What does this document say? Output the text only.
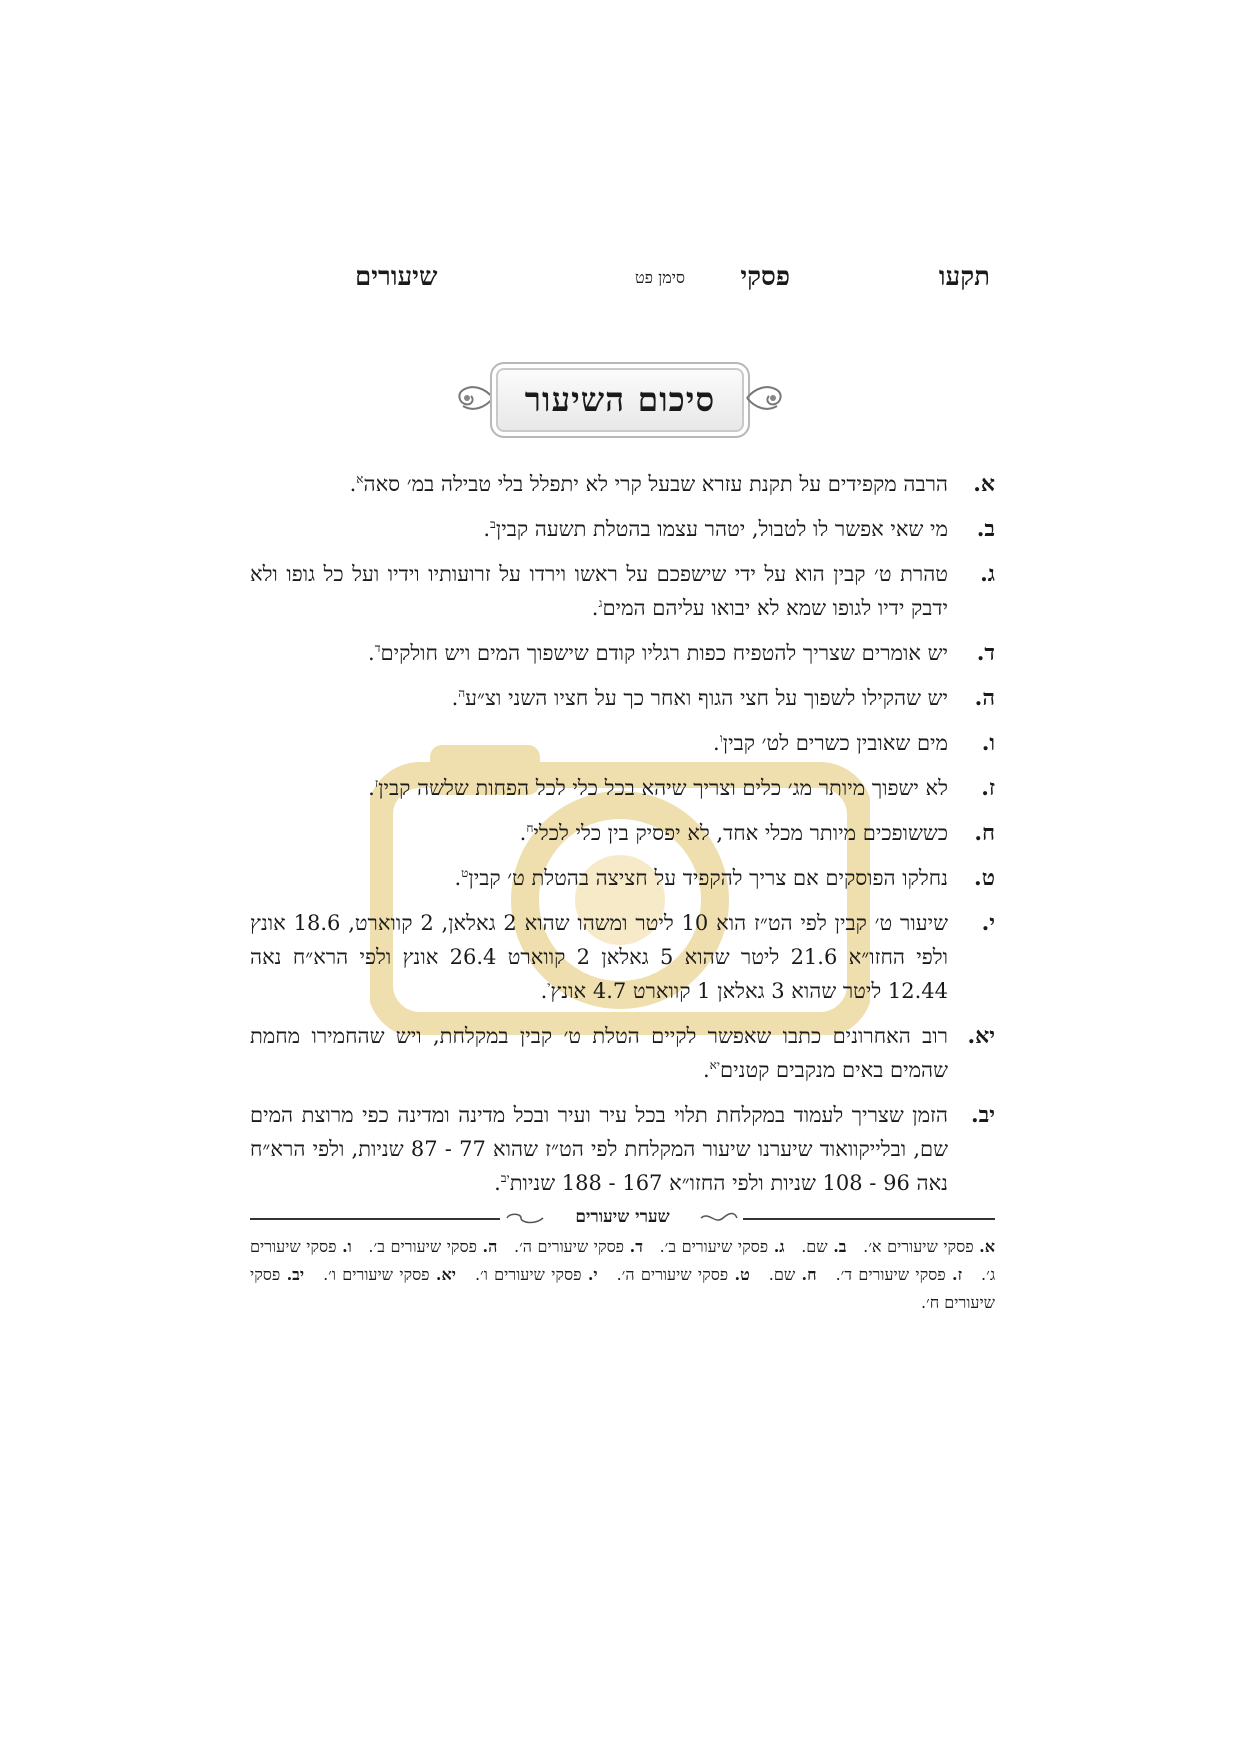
תקעו
פסקי
סימן פט
שיעורים
סיכום השיעור
א.
הרבה מקפידים על תקנת עזרא שבעל קרי לא יתפלל בלי טבילה במ׳ סאה$^א$.
ב.
מי שאי אפשר לו לטבול, יטהר עצמו בהטלת תשעה קבין$^ב$.
ג.
טהרת ט׳ קבין הוא על ידי שישפכם על ראשו וירדו על זרועותיו וידיו ועל כל גופו ולא ידבק ידיו לגופו שמא לא יבואו עליהם המים$^ג$.
ד.
יש אומרים שצריך להטפיח כפות רגליו קודם שישפוך המים ויש חולקים$^ד$.
ה.
יש שהקילו לשפוך על חצי הגוף ואחר כך על חציו השני וצ״ע$^ה$.
ו.
מים שאובין כשרים לט׳ קבין$^ו$.
ז.
לא ישפוך מיותר מג׳ כלים וצריך שיהא בכל כלי לכל הפחות שלשה קבין$^ז$.
ח.
כששופכים מיותר מכלי אחד, לא יפסיק בין כלי לכלי$^ח$.
ט.
נחלקו הפוסקים אם צריך להקפיד על חציצה בהטלת ט׳ קבין$^ט$.
י.
שיעור ט׳ קבין לפי הט״ז הוא 10 ליטר ומשהו שהוא 2 גאלאן, 2 קווארט, 18.6 אונץ ולפי החזו״א 21.6 ליטר שהוא 5 גאלאן 2 קווארט 26.4 אונץ ולפי הרא״ח נאה 12.44 ליטר שהוא 3 גאלאן 1 קווארט 4.7 אונץ$^י$.
יא.
רוב האחרונים כתבו שאפשר לקיים הטלת ט׳ קבין במקלחת, ויש שהחמירו מחמת שהמים באים מנקבים קטנים$^{יא}$.
יב.
הזמן שצריך לעמוד במקלחת תלוי בכל עיר ועיר ובכל מדינה ומדינה כפי מרוצת המים שם, ובלייקוואוד שיערנו שיעור המקלחת לפי הט״ז שהוא 77 - 87 שניות, ולפי הרא״ח נאה 96 - 108 שניות ולפי החזו״א 167 - 188 שניות$^{יב}$.
שערי שיעורים
א. פסקי שיעורים א׳.   ב. שם.   ג. פסקי שיעורים ב׳.   ד. פסקי שיעורים ה׳.   ה. פסקי שיעורים ב׳.   ו. פסקי שיעורים ג׳.   ז. פסקי שיעורים ד׳.   ח. שם.   ט. פסקי שיעורים ה׳.   י. פסקי שיעורים ו׳.   יא. פסקי שיעורים ו׳.   יב. פסקי שיעורים ח׳.
